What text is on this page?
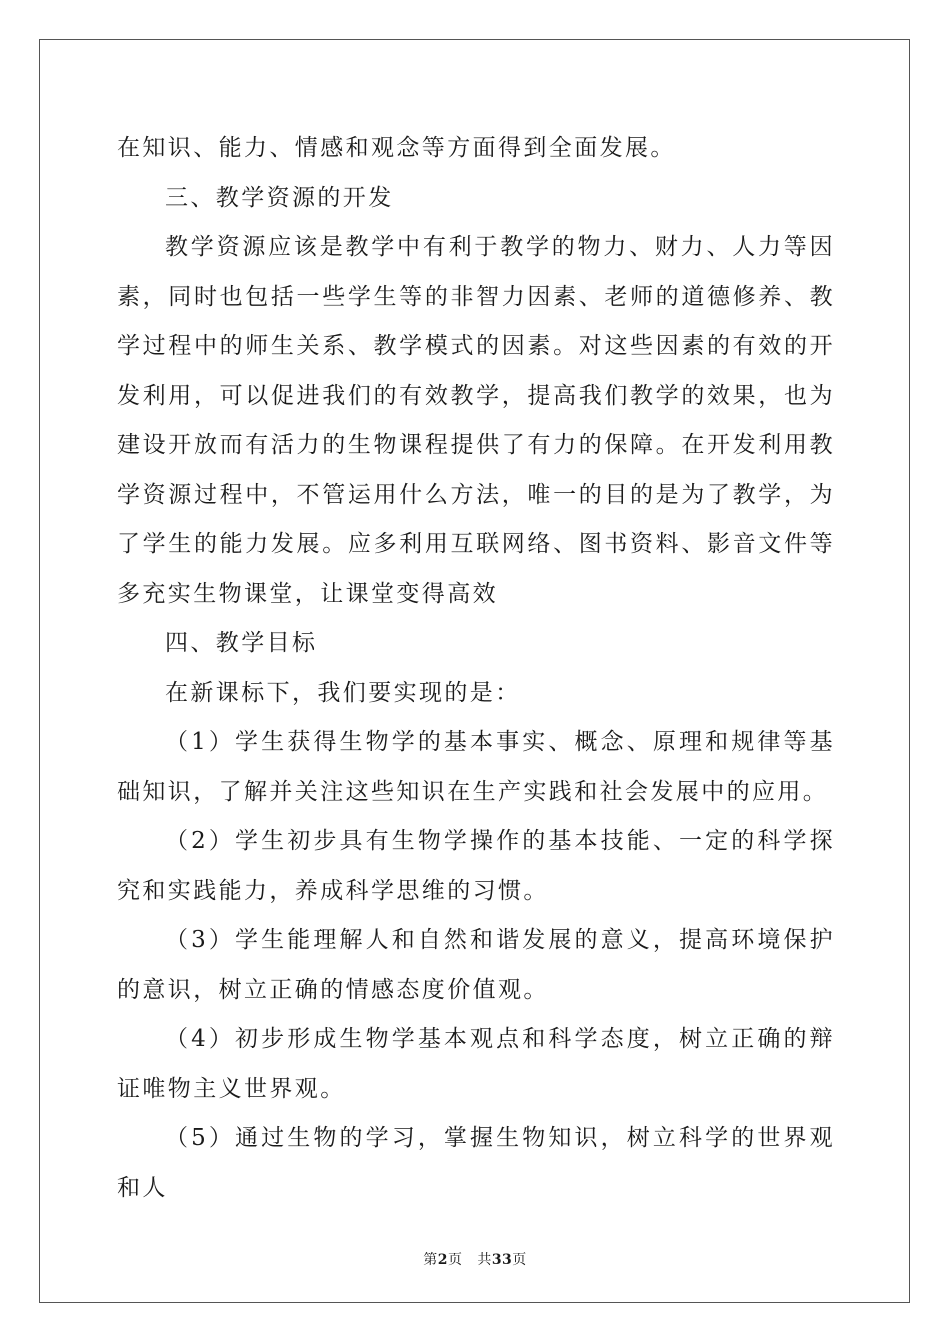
在知识、能力、情感和观念等方面得到全面发展。

三、教学资源的开发

教学资源应该是教学中有利于教学的物力、财力、人力等因素，同时也包括一些学生等的非智力因素、老师的道德修养、教学过程中的师生关系、教学模式的因素。对这些因素的有效的开发利用，可以促进我们的有效教学，提高我们教学的效果，也为建设开放而有活力的生物课程提供了有力的保障。在开发利用教学资源过程中，不管运用什么方法，唯一的目的是为了教学，为了学生的能力发展。应多利用互联网络、图书资料、影音文件等多充实生物课堂，让课堂变得高效

四、教学目标

在新课标下，我们要实现的是：

（1）学生获得生物学的基本事实、概念、原理和规律等基础知识，了解并关注这些知识在生产实践和社会发展中的应用。

（2）学生初步具有生物学操作的基本技能、一定的科学探究和实践能力，养成科学思维的习惯。

（3）学生能理解人和自然和谐发展的意义，提高环境保护的意识，树立正确的情感态度价值观。

（4）初步形成生物学基本观点和科学态度，树立正确的辩证唯物主义世界观。

（5）通过生物的学习，掌握生物知识，树立科学的世界观和人

第2页 共33页
